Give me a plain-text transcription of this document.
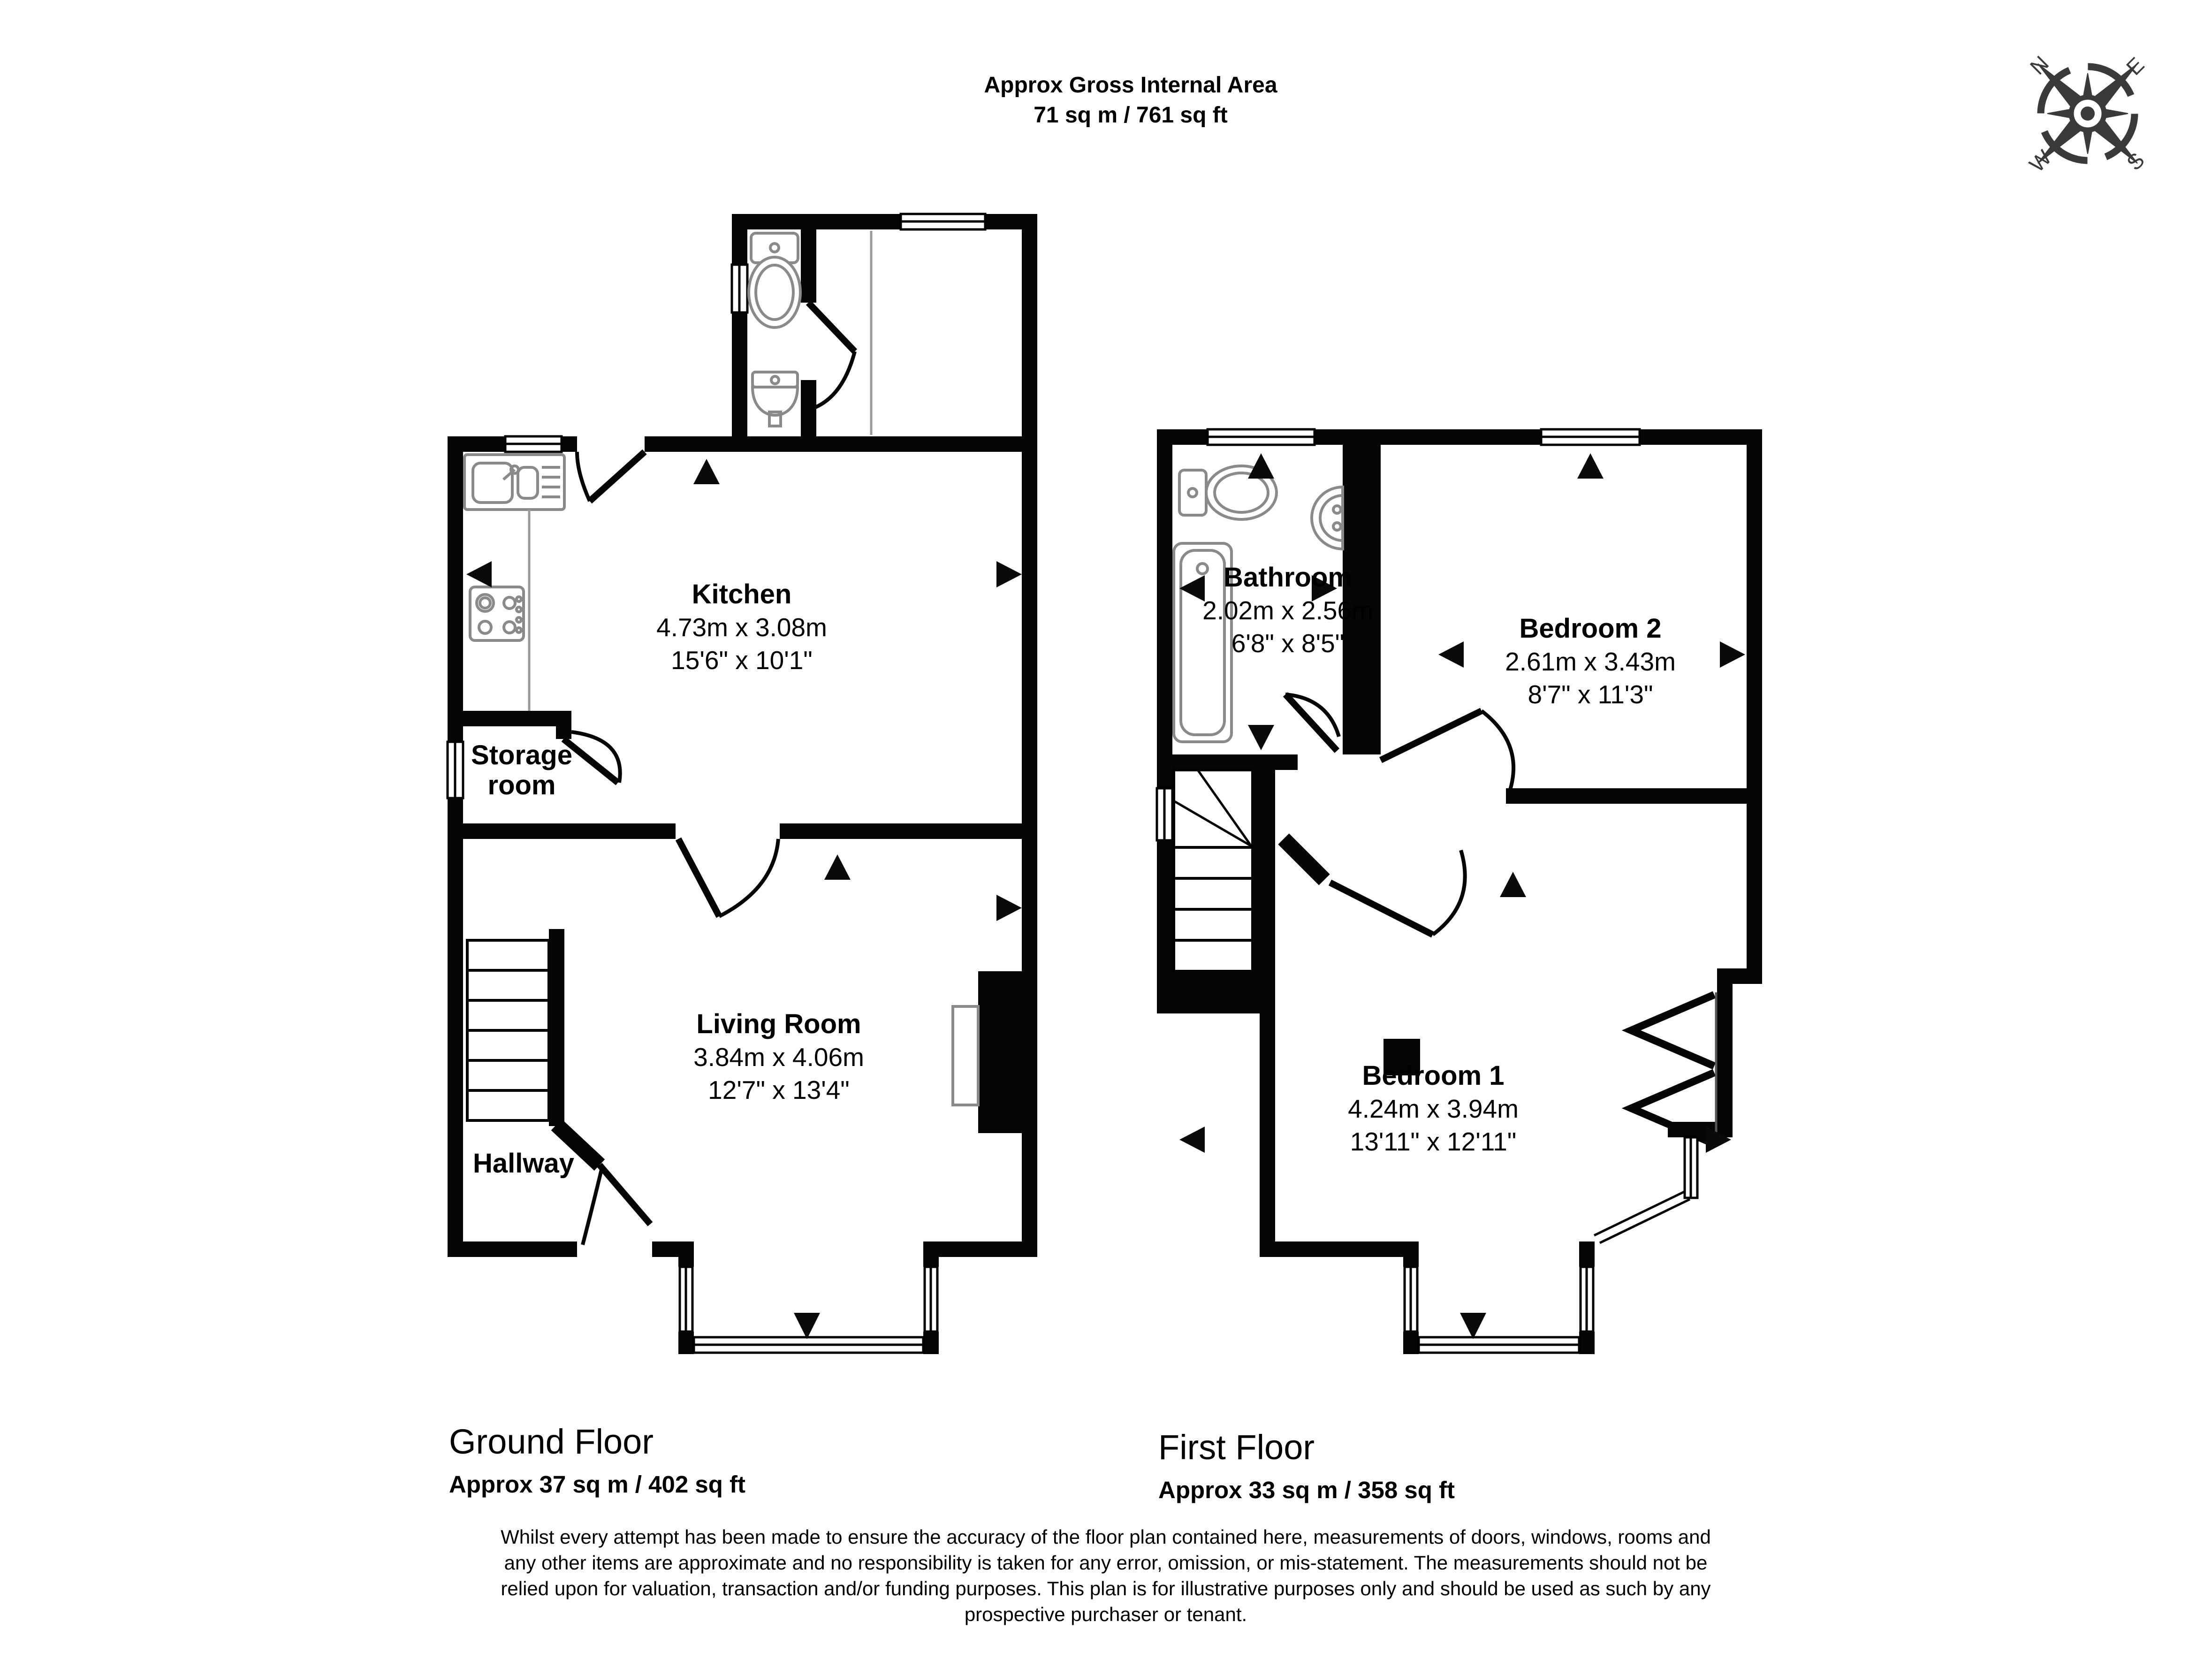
N	E
S
W
Approx Gross Internal Area
71 sq m / 761 sq ft
Kitchen
4.73m x 3.08m
15'6" x 10'1"
Storage room
Living Room
3.84m x 4.06m
12'7" x 13'4"
Hallway
Bathroom
2.02m x 2.56m
6'8" x 8'5"	Bedroom 2
2.61m x 3.43m
8'7" x 11'3"
Bedroom 1
4.24m x 3.94m
13'11" x 12'11"
Ground Floor
Approx 37 sq m / 402 sq ft
First Floor
Approx 33 sq m / 358 sq ft
Whilst every attempt has been made to ensure the accuracy of the floor plan contained here, measurements of doors, windows, rooms and
any other items are approximate and no responsibility is taken for any error, omission, or mis-statement. The measurements should not be
relied upon for valuation, transaction and/or funding purposes. This plan is for illustrative purposes only and should be used as such by any
prospective purchaser or tenant.
